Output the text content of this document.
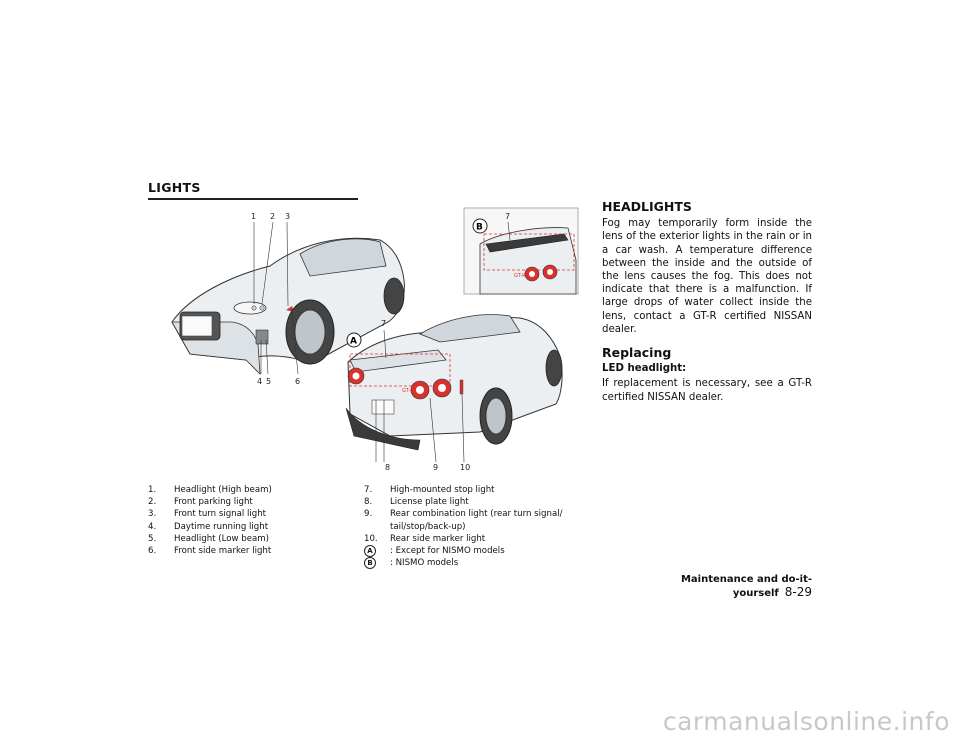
LIGHTS
1 2 3
4 5	6
GT-R
B
7
GT-R
A
7
8	9	10
1.	Headlight (High beam)
2.	Front parking light
3.	Front turn signal light
4.	Daytime running light
5.	Headlight (Low beam)
6.	Front side marker light
7.	High-mounted stop light
8.	License plate light
9.	Rear combination light (rear turn signal/ tail/stop/back-up)
10.	Rear side marker light
A	: Except for NISMO models
B	: NISMO models
HEADLIGHTS

Fog may temporarily form inside the lens of the exterior lights in the rain or in a car wash. A temperature difference between the inside and the outside of the lens causes the fog. This does not indicate that there is a malfunction. If large drops of water collect inside the lens, contact a GT-R certified NISSAN dealer.

Replacing
LED headlight:

If replacement is necessary, see a GT-R certified NISSAN dealer.

Maintenance and do-it-yourself 8-29
carmanualsonline.info
